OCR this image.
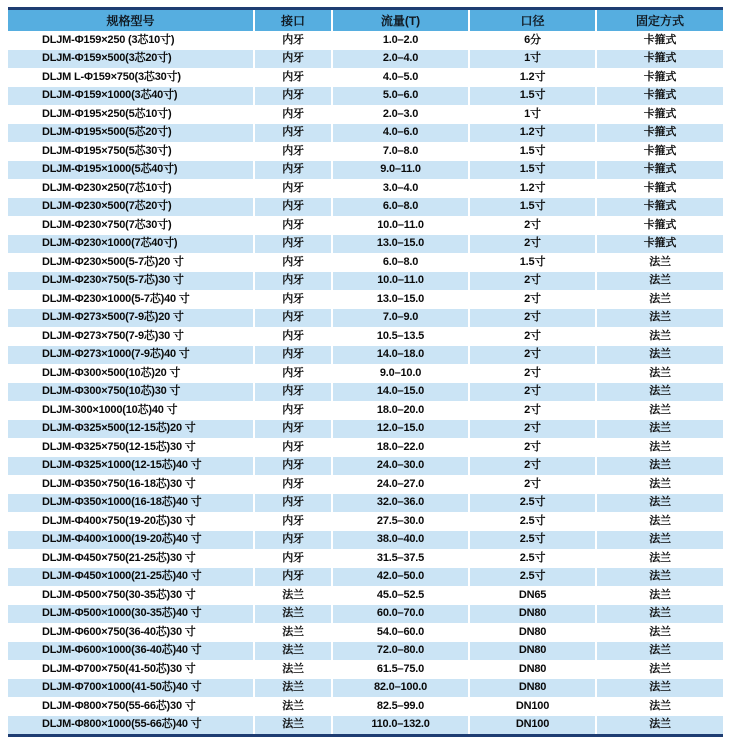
规格型号	接口	流量(T)	口径	固定方式
DLJM-Φ159×250 (3芯10寸)	内牙	1.0–2.0	6分	卡箍式
DLJM-Φ159×500(3芯20寸)	内牙	2.0–4.0	1寸	卡箍式
DLJM L-Φ159×750(3芯30寸)	内牙	4.0–5.0	1.2寸	卡箍式
DLJM-Φ159×1000(3芯40寸)	内牙	5.0–6.0	1.5寸	卡箍式
DLJM-Φ195×250(5芯10寸)	内牙	2.0–3.0	1寸	卡箍式
DLJM-Φ195×500(5芯20寸)	内牙	4.0–6.0	1.2寸	卡箍式
DLJM-Φ195×750(5芯30寸)	内牙	7.0–8.0	1.5寸	卡箍式
DLJM-Φ195×1000(5芯40寸)	内牙	9.0–11.0	1.5寸	卡箍式
DLJM-Φ230×250(7芯10寸)	内牙	3.0–4.0	1.2寸	卡箍式
DLJM-Φ230×500(7芯20寸)	内牙	6.0–8.0	1.5寸	卡箍式
DLJM-Φ230×750(7芯30寸)	内牙	10.0–11.0	2寸	卡箍式
DLJM-Φ230×1000(7芯40寸)	内牙	13.0–15.0	2寸	卡箍式
DLJM-Φ230×500(5-7芯)20 寸	内牙	6.0–8.0	1.5寸	法兰
DLJM-Φ230×750(5-7芯)30 寸	内牙	10.0–11.0	2寸	法兰
DLJM-Φ230×1000(5-7芯)40 寸	内牙	13.0–15.0	2寸	法兰
DLJM-Φ273×500(7-9芯)20 寸	内牙	7.0–9.0	2寸	法兰
DLJM-Φ273×750(7-9芯)30 寸	内牙	10.5–13.5	2寸	法兰
DLJM-Φ273×1000(7-9芯)40 寸	内牙	14.0–18.0	2寸	法兰
DLJM-Φ300×500(10芯)20 寸	内牙	9.0–10.0	2寸	法兰
DLJM-Φ300×750(10芯)30 寸	内牙	14.0–15.0	2寸	法兰
DLJM-300×1000(10芯)40 寸	内牙	18.0–20.0	2寸	法兰
DLJM-Φ325×500(12-15芯)20 寸	内牙	12.0–15.0	2寸	法兰
DLJM-Φ325×750(12-15芯)30 寸	内牙	18.0–22.0	2寸	法兰
DLJM-Φ325×1000(12-15芯)40 寸	内牙	24.0–30.0	2寸	法兰
DLJM-Φ350×750(16-18芯)30 寸	内牙	24.0–27.0	2寸	法兰
DLJM-Φ350×1000(16-18芯)40 寸	内牙	32.0–36.0	2.5寸	法兰
DLJM-Φ400×750(19-20芯)30 寸	内牙	27.5–30.0	2.5寸	法兰
DLJM-Φ400×1000(19-20芯)40 寸	内牙	38.0–40.0	2.5寸	法兰
DLJM-Φ450×750(21-25芯)30 寸	内牙	31.5–37.5	2.5寸	法兰
DLJM-Φ450×1000(21-25芯)40 寸	内牙	42.0–50.0	2.5寸	法兰
DLJM-Φ500×750(30-35芯)30 寸	法兰	45.0–52.5	DN65	法兰
DLJM-Φ500×1000(30-35芯)40 寸	法兰	60.0–70.0	DN80	法兰
DLJM-Φ600×750(36-40芯)30 寸	法兰	54.0–60.0	DN80	法兰
DLJM-Φ600×1000(36-40芯)40 寸	法兰	72.0–80.0	DN80	法兰
DLJM-Φ700×750(41-50芯)30 寸	法兰	61.5–75.0	DN80	法兰
DLJM-Φ700×1000(41-50芯)40 寸	法兰	82.0–100.0	DN80	法兰
DLJM-Φ800×750(55-66芯)30 寸	法兰	82.5–99.0	DN100	法兰
DLJM-Φ800×1000(55-66芯)40 寸	法兰	110.0–132.0	DN100	法兰
